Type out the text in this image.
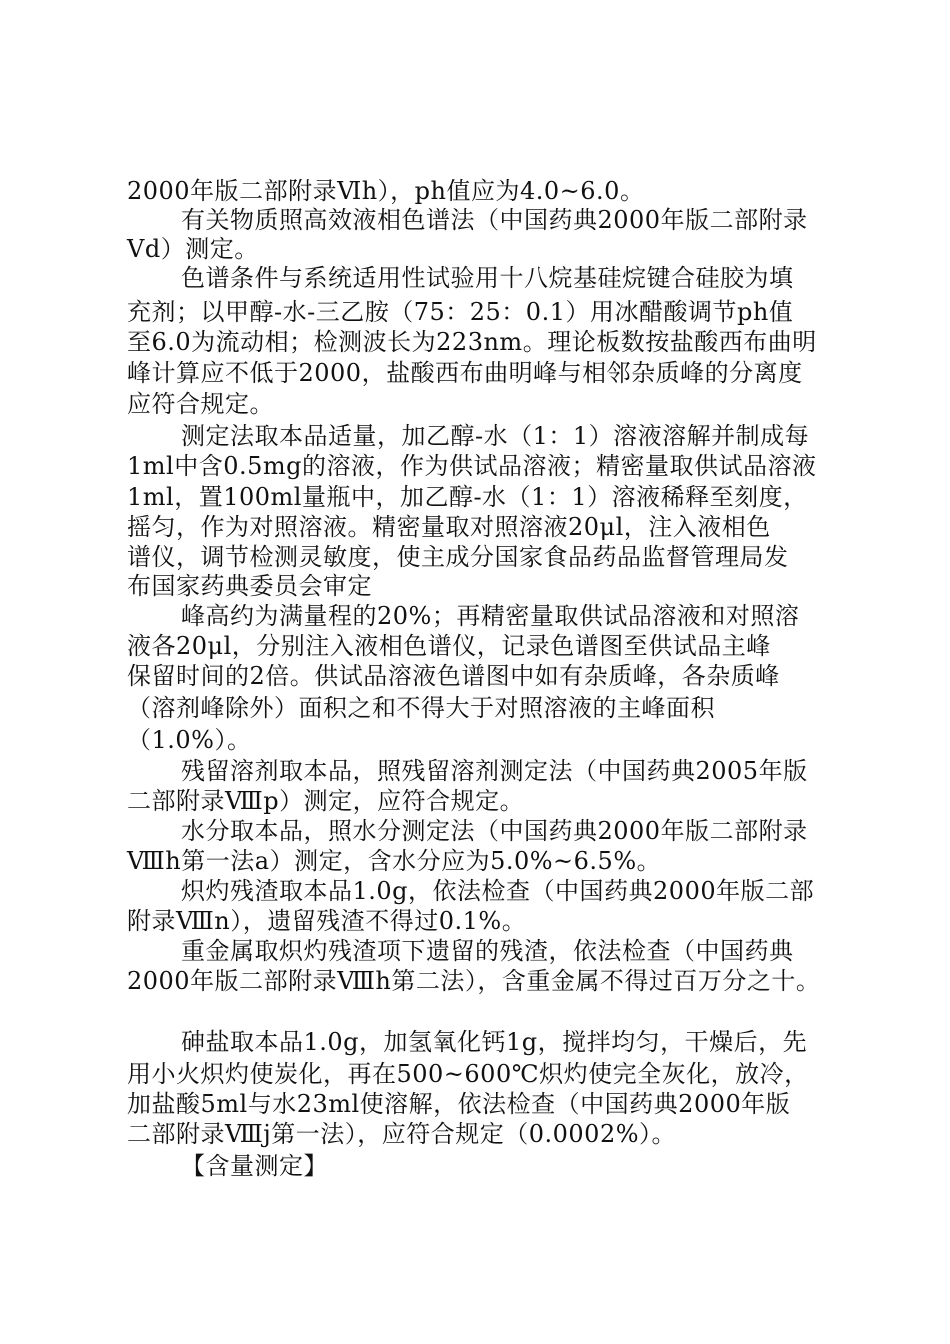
2000年版二部附录Ⅵh），ph值应为4.0~6.0。
有关物质照高效液相色谱法（中国药典2000年版二部附录
Ⅴd）测定。
色谱条件与系统适用性试验用十八烷基硅烷键合硅胶为填
充剂；以甲醇-水-三乙胺（75：25：0.1）用冰醋酸调节ph值
至6.0为流动相；检测波长为223nm。理论板数按盐酸西布曲明
峰计算应不低于2000，盐酸西布曲明峰与相邻杂质峰的分离度
应符合规定。
测定法取本品适量，加乙醇-水（1：1）溶液溶解并制成每
1ml中含0.5mg的溶液，作为供试品溶液；精密量取供试品溶液
1ml，置100ml量瓶中，加乙醇-水（1：1）溶液稀释至刻度，
摇匀，作为对照溶液。精密量取对照溶液20μl，注入液相色
谱仪，调节检测灵敏度，使主成分国家食品药品监督管理局发
布国家药典委员会审定
峰高约为满量程的20%；再精密量取供试品溶液和对照溶
液各20μl，分别注入液相色谱仪，记录色谱图至供试品主峰
保留时间的2倍。供试品溶液色谱图中如有杂质峰，各杂质峰
（溶剂峰除外）面积之和不得大于对照溶液的主峰面积
（1.0%）。
残留溶剂取本品，照残留溶剂测定法（中国药典2005年版
二部附录Ⅷp）测定，应符合规定。
水分取本品，照水分测定法（中国药典2000年版二部附录
Ⅷh第一法a）测定，含水分应为5.0%~6.5%。
炽灼残渣取本品1.0g，依法检查（中国药典2000年版二部
附录Ⅷn），遗留残渣不得过0.1%。
重金属取炽灼残渣项下遗留的残渣，依法检查（中国药典
2000年版二部附录Ⅷh第二法），含重金属不得过百万分之十。
砷盐取本品1.0g，加氢氧化钙1g，搅拌均匀，干燥后，先
用小火炽灼使炭化，再在500~600℃炽灼使完全灰化，放冷，
加盐酸5ml与水23ml使溶解，依法检查（中国药典2000年版
二部附录Ⅷj第一法），应符合规定（0.0002%）。
【含量测定】
